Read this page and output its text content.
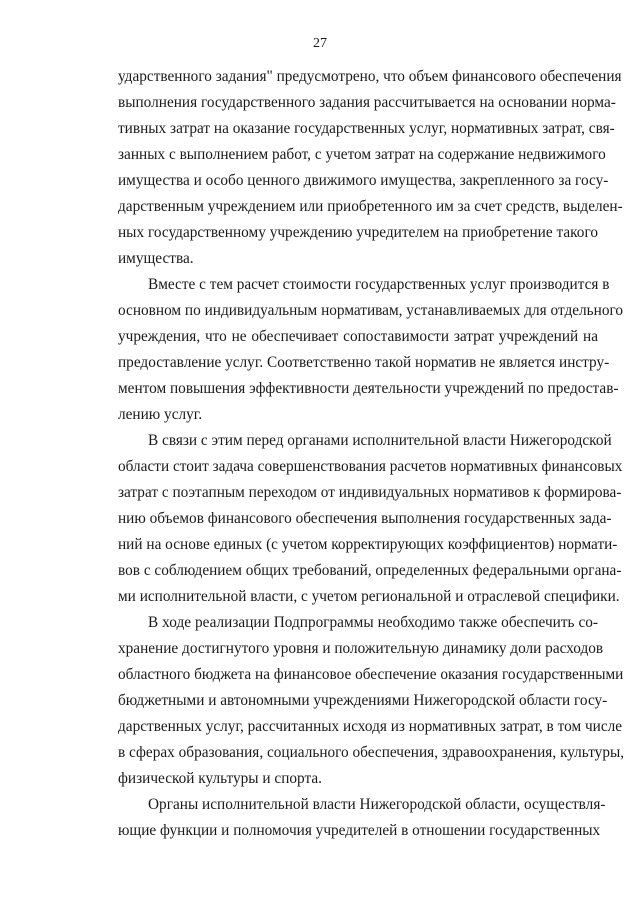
27
ударственного задания" предусмотрено, что объем финансового обеспечения
выполнения государственного задания рассчитывается на основании норма-
тивных затрат на оказание государственных услуг, нормативных затрат, свя-
занных с выполнением работ, с учетом затрат на содержание недвижимого
имущества и особо ценного движимого имущества, закрепленного за госу-
дарственным учреждением или приобретенного им за счет средств, выделен-
ных государственному учреждению учредителем на приобретение такого
имущества.
Вместе с тем расчет стоимости государственных услуг производится в
основном по индивидуальным нормативам, устанавливаемых для отдельного
учреждения, что не обеспечивает сопоставимости затрат учреждений на
предоставление услуг. Соответственно такой норматив не является инстру-
ментом повышения эффективности деятельности учреждений по предостав-
лению услуг.
В связи с этим перед органами исполнительной власти Нижегородской
области стоит задача совершенствования расчетов нормативных финансовых
затрат с поэтапным переходом от индивидуальных нормативов к формирова-
нию объемов финансового обеспечения выполнения государственных зада-
ний на основе единых (с учетом корректирующих коэффициентов) нормати-
вов с соблюдением общих требований, определенных федеральными органа-
ми исполнительной власти, с учетом региональной и отраслевой специфики.
В ходе реализации Подпрограммы необходимо также обеспечить со-
хранение достигнутого уровня и положительную динамику доли расходов
областного бюджета на финансовое обеспечение оказания государственными
бюджетными и автономными учреждениями Нижегородской области госу-
дарственных услуг, рассчитанных исходя из нормативных затрат, в том числе
в сферах образования, социального обеспечения, здравоохранения, культуры,
физической культуры и спорта.
Органы исполнительной власти Нижегородской области, осуществля-
ющие функции и полномочия учредителей в отношении государственных
